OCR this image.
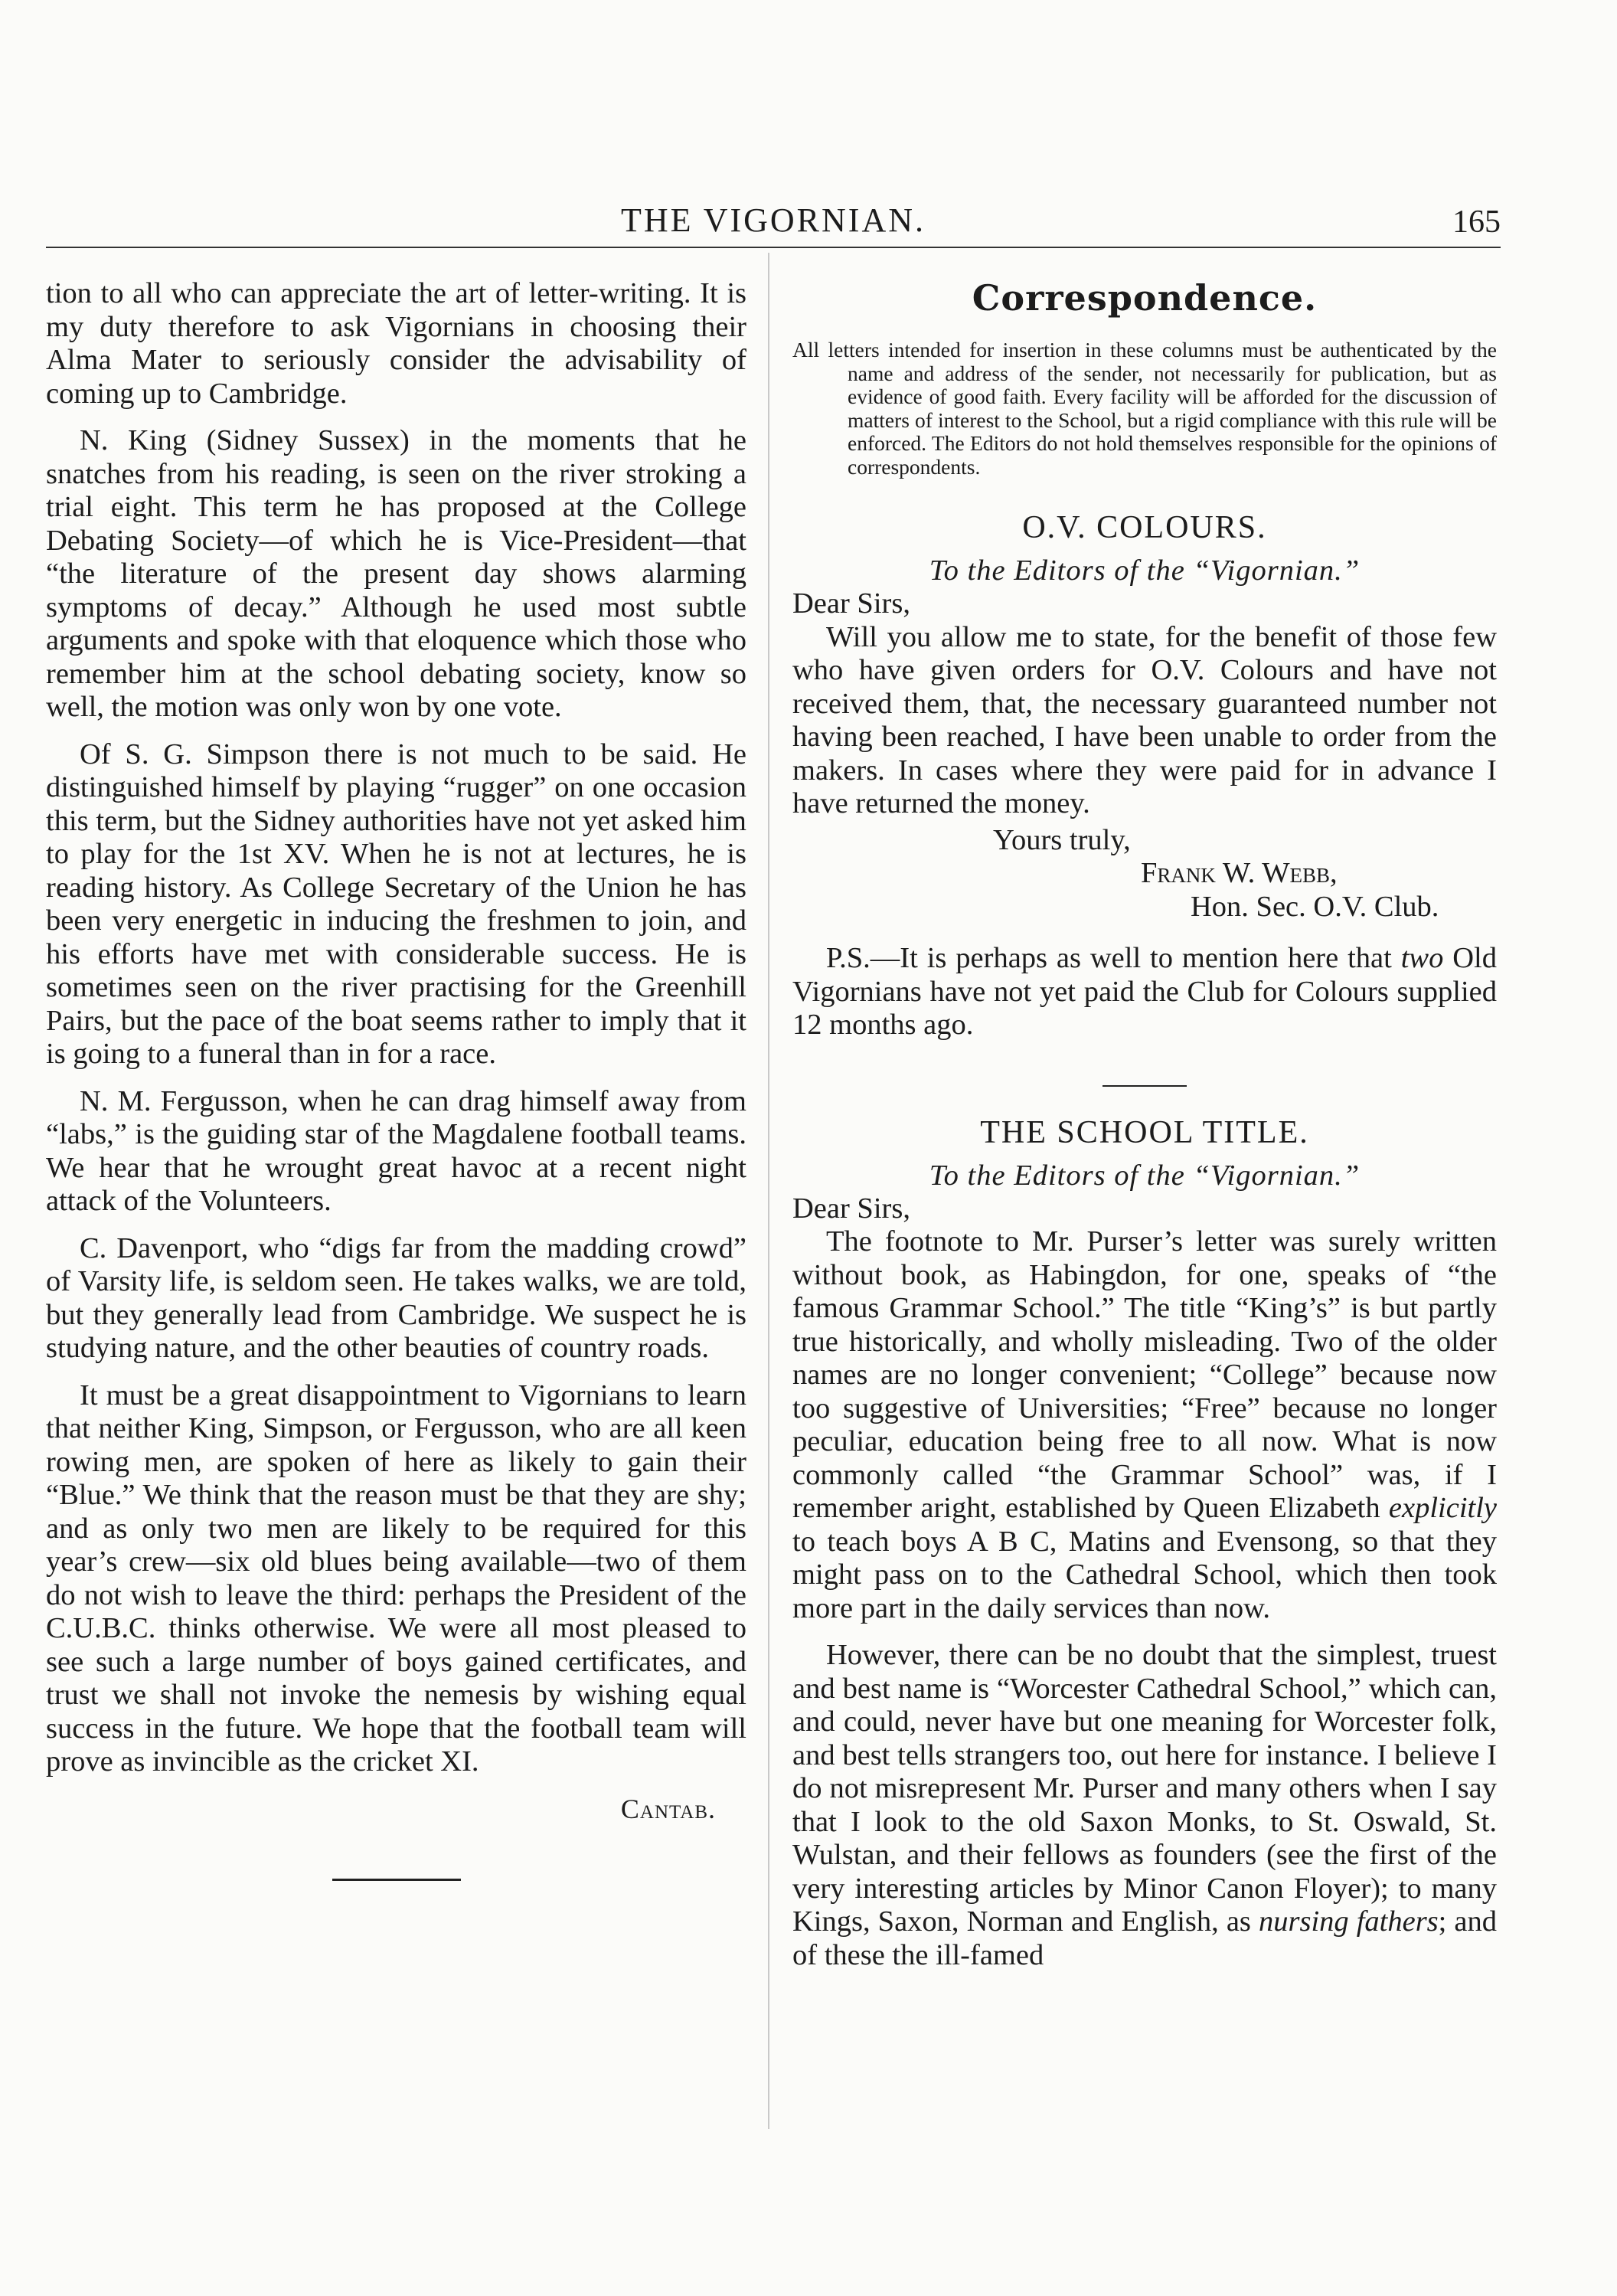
THE VIGORNIAN.	165

tion to all who can appreciate the art of letter-writing. It is my duty therefore to ask Vigornians in choosing their Alma Mater to seriously consider the advisability of coming up to Cambridge.

N. King (Sidney Sussex) in the moments that he snatches from his reading, is seen on the river stroking a trial eight. This term he has proposed at the College Debating Society—of which he is Vice-President—that “the literature of the present day shows alarming symptoms of decay.” Although he used most subtle arguments and spoke with that eloquence which those who remember him at the school debating society, know so well, the motion was only won by one vote.

Of S. G. Simpson there is not much to be said. He distinguished himself by playing “rugger” on one occasion this term, but the Sidney authorities have not yet asked him to play for the 1st XV. When he is not at lectures, he is reading history. As College Secretary of the Union he has been very energetic in inducing the freshmen to join, and his efforts have met with considerable success. He is sometimes seen on the river practising for the Greenhill Pairs, but the pace of the boat seems rather to imply that it is going to a funeral than in for a race.

N. M. Fergusson, when he can drag himself away from “labs,” is the guiding star of the Magdalene football teams. We hear that he wrought great havoc at a recent night attack of the Volunteers.

C. Davenport, who “digs far from the madding crowd” of Varsity life, is seldom seen. He takes walks, we are told, but they generally lead from Cambridge. We suspect he is studying nature, and the other beauties of country roads.

It must be a great disappointment to Vigornians to learn that neither King, Simpson, or Fergusson, who are all keen rowing men, are spoken of here as likely to gain their “Blue.” We think that the reason must be that they are shy; and as only two men are likely to be required for this year’s crew—six old blues being available—two of them do not wish to leave the third: perhaps the President of the C.U.B.C. thinks otherwise. We were all most pleased to see such a large number of boys gained certificates, and trust we shall not invoke the nemesis by wishing equal success in the future. We hope that the football team will prove as invincible as the cricket XI.

Cantab.

Correspondence.

All letters intended for insertion in these columns must be authenticated by the name and address of the sender, not necessarily for publication, but as evidence of good faith. Every facility will be afforded for the discussion of matters of interest to the School, but a rigid compliance with this rule will be enforced. The Editors do not hold themselves responsible for the opinions of correspondents.

O.V. COLOURS.

To the Editors of the “Vigornian.”

Dear Sirs,

Will you allow me to state, for the benefit of those few who have given orders for O.V. Colours and have not received them, that, the necessary guaranteed number not having been reached, I have been unable to order from the makers. In cases where they were paid for in advance I have returned the money.

Yours truly,

Frank W. Webb,

Hon. Sec. O.V. Club.

P.S.—It is perhaps as well to mention here that two Old Vigornians have not yet paid the Club for Colours supplied 12 months ago.

THE SCHOOL TITLE.

To the Editors of the “Vigornian.”

Dear Sirs,

The footnote to Mr. Purser’s letter was surely written without book, as Habingdon, for one, speaks of “the famous Grammar School.” The title “King’s” is but partly true historically, and wholly misleading. Two of the older names are no longer convenient; “College” because now too suggestive of Universities; “Free” because no longer peculiar, education being free to all now. What is now commonly called “the Grammar School” was, if I remember aright, established by Queen Elizabeth explicitly to teach boys A B C, Matins and Evensong, so that they might pass on to the Cathedral School, which then took more part in the daily services than now.

However, there can be no doubt that the simplest, truest and best name is “Worcester Cathedral School,” which can, and could, never have but one meaning for Worcester folk, and best tells strangers too, out here for instance. I believe I do not misrepresent Mr. Purser and many others when I say that I look to the old Saxon Monks, to St. Oswald, St. Wulstan, and their fellows as founders (see the first of the very interesting articles by Minor Canon Floyer); to many Kings, Saxon, Norman and English, as nursing fathers; and of these the ill-famed
